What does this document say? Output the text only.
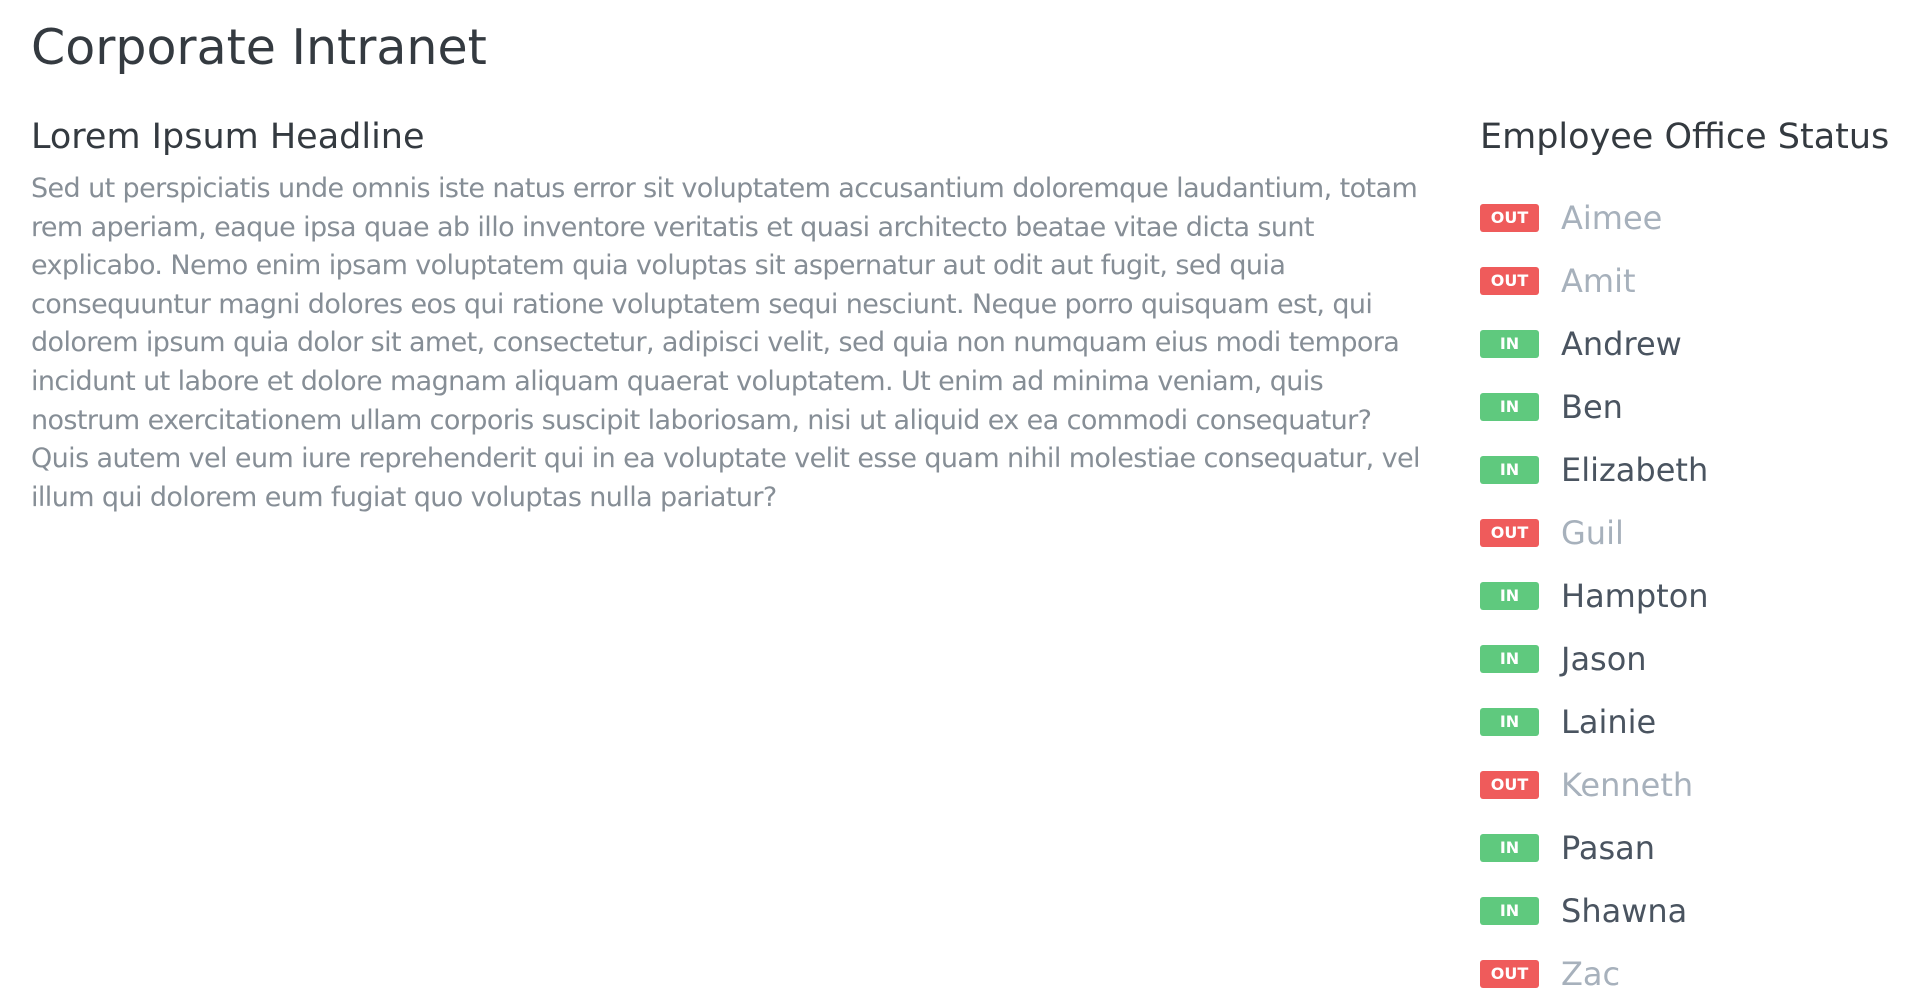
Corporate Intranet
Lorem Ipsum Headline

Sed ut perspiciatis unde omnis iste natus error sit voluptatem accusantium doloremque laudantium, totam rem aperiam, eaque ipsa quae ab illo inventore veritatis et quasi architecto beatae vitae dicta sunt explicabo. Nemo enim ipsam voluptatem quia voluptas sit aspernatur aut odit aut fugit, sed quia consequuntur magni dolores eos qui ratione voluptatem sequi nesciunt. Neque porro quisquam est, qui dolorem ipsum quia dolor sit amet, consectetur, adipisci velit, sed quia non numquam eius modi tempora incidunt ut labore et dolore magnam aliquam quaerat voluptatem. Ut enim ad minima veniam, quis nostrum exercitationem ullam corporis suscipit laboriosam, nisi ut aliquid ex ea commodi consequatur? Quis autem vel eum iure reprehenderit qui in ea voluptate velit esse quam nihil molestiae consequatur, vel illum qui dolorem eum fugiat quo voluptas nulla pariatur?

Employee Office Status
OUT	Aimee
OUT	Amit
IN	Andrew
IN	Ben
IN	Elizabeth
OUT	Guil
IN	Hampton
IN	Jason
IN	Lainie
OUT	Kenneth
IN	Pasan
IN	Shawna
OUT	Zac
